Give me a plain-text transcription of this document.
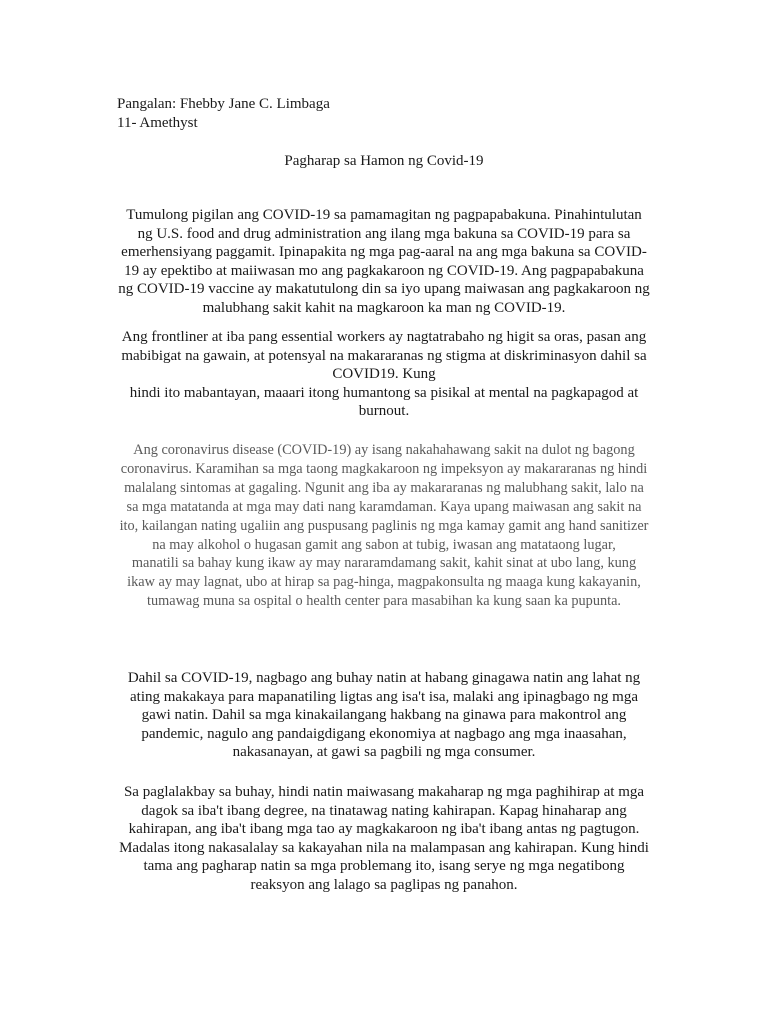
Pangalan: Fhebby Jane C. Limbaga
11- Amethyst
Pagharap sa Hamon ng Covid-19

Tumulong pigilan ang COVID-19 sa pamamagitan ng pagpapabakuna. Pinahintulutan ng U.S. food and drug administration ang ilang mga bakuna sa COVID-19 para sa emerhensiyang paggamit. Ipinapakita ng mga pag-aaral na ang mga bakuna sa COVID-19 ay epektibo at maiiwasan mo ang pagkakaroon ng COVID-19. Ang pagpapabakuna ng COVID-19 vaccine ay makatutulong din sa iyo upang maiwasan ang pagkakaroon ng malubhang sakit kahit na magkaroon ka man ng COVID-19.

Ang frontliner at iba pang essential workers ay nagtatrabaho ng higit sa oras, pasan ang mabibigat na gawain, at potensyal na makararanas ng stigma at diskriminasyon dahil sa COVID19. Kung

hindi ito mabantayan, maaari itong humantong sa pisikal at mental na pagkapagod at burnout.

Ang coronavirus disease (COVID-19) ay isang nakahahawang sakit na dulot ng bagong coronavirus. Karamihan sa mga taong magkakaroon ng impeksyon ay makararanas ng hindi malalang sintomas at gagaling. Ngunit ang iba ay makararanas ng malubhang sakit, lalo na sa mga matatanda at mga may dati nang karamdaman. Kaya upang maiwasan ang sakit na ito, kailangan nating ugaliin ang puspusang paglinis ng mga kamay gamit ang hand sanitizer na may alkohol o hugasan gamit ang sabon at tubig, iwasan ang matataong lugar,

manatili sa bahay kung ikaw ay may nararamdamang sakit, kahit sinat at ubo lang, kung ikaw ay may lagnat, ubo at hirap sa pag-hinga, magpakonsulta ng maaga kung kakayanin, tumawag muna sa ospital o health center para masabihan ka kung saan ka pupunta.

Dahil sa COVID-19, nagbago ang buhay natin at habang ginagawa natin ang lahat ng ating makakaya para mapanatiling ligtas ang isa't isa, malaki ang ipinagbago ng mga gawi natin. Dahil sa mga kinakailangang hakbang na ginawa para makontrol ang pandemic, nagulo ang pandaigdigang ekonomiya at nagbago ang mga inaasahan, nakasanayan, at gawi sa pagbili ng mga consumer.

Sa paglalakbay sa buhay, hindi natin maiwasang makaharap ng mga paghihirap at mga dagok sa iba't ibang degree, na tinatawag nating kahirapan. Kapag hinaharap ang kahirapan, ang iba't ibang mga tao ay magkakaroon ng iba't ibang antas ng pagtugon. Madalas itong nakasalalay sa kakayahan nila na malampasan ang kahirapan. Kung hindi tama ang pagharap natin sa mga problemang ito, isang serye ng mga negatibong reaksyon ang lalago sa paglipas ng panahon.
